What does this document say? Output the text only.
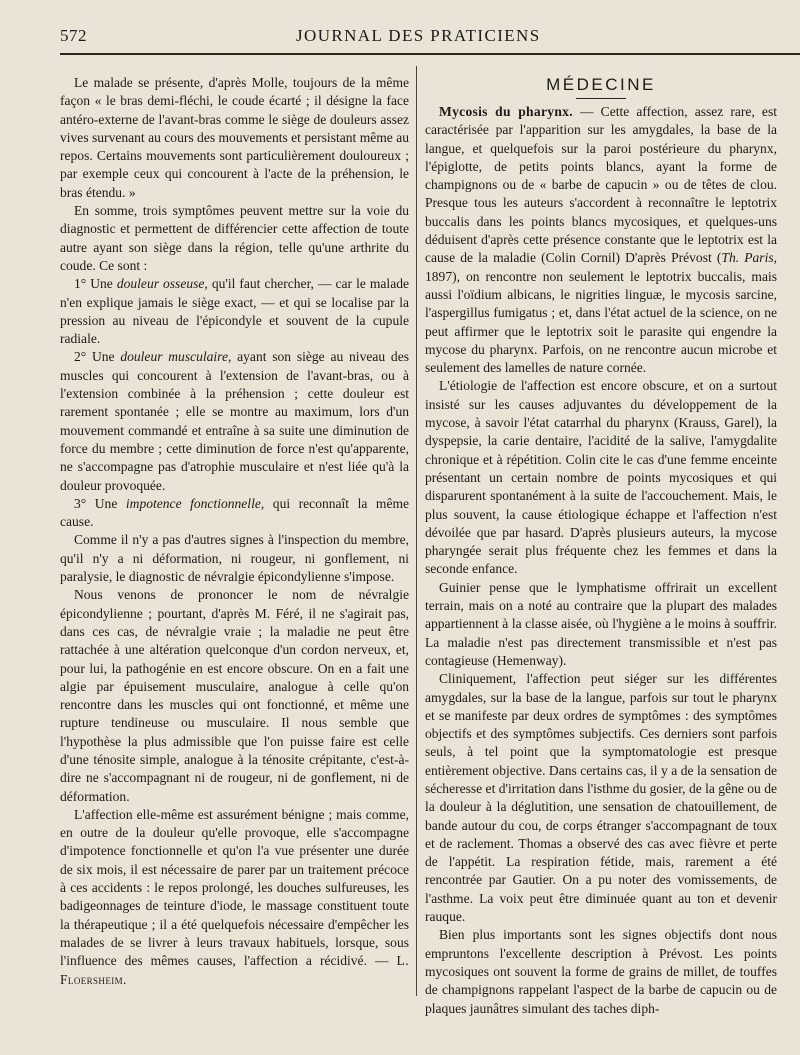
572	JOURNAL DES PRATICIENS

Le malade se présente, d'après Molle, toujours de la même façon « le bras demi-fléchi, le coude écarté ; il désigne la face antéro-externe de l'avant-bras comme le siège de douleurs assez vives survenant au cours des mouvements et persistant même au repos. Certains mouvements sont particulièrement douloureux ; par exemple ceux qui concourent à l'acte de la préhension, le bras étendu. »

En somme, trois symptômes peuvent mettre sur la voie du diagnostic et permettent de différencier cette affection de toute autre ayant son siège dans la région, telle qu'une arthrite du coude. Ce sont :

1° Une douleur osseuse, qu'il faut chercher, — car le malade n'en explique jamais le siège exact, — et qui se localise par la pression au niveau de l'épicondyle et souvent de la cupule radiale.

2° Une douleur musculaire, ayant son siège au niveau des muscles qui concourent à l'extension de l'avant-bras, ou à l'extension combinée à la préhension ; cette douleur est rarement spontanée ; elle se montre au maximum, lors d'un mouvement commandé et entraîne à sa suite une diminution de force du membre ; cette diminution de force n'est qu'apparente, ne s'accompagne pas d'atrophie musculaire et n'est liée qu'à la douleur provoquée.

3° Une impotence fonctionnelle, qui reconnaît la même cause.

Comme il n'y a pas d'autres signes à l'inspection du membre, qu'il n'y a ni déformation, ni rougeur, ni gonflement, ni paralysie, le diagnostic de névralgie épicondylienne s'impose.

Nous venons de prononcer le nom de névralgie épicondylienne ; pourtant, d'après M. Féré, il ne s'agirait pas, dans ces cas, de névralgie vraie ; la maladie ne peut être rattachée à une altération quelconque d'un cordon nerveux, et, pour lui, la pathogénie en est encore obscure. On en a fait une algie par épuisement musculaire, analogue à celle qu'on rencontre dans les muscles qui ont fonctionné, et même une rupture tendineuse ou musculaire. Il nous semble que l'hypothèse la plus admissible que l'on puisse faire est celle d'une ténosite simple, analogue à la ténosite crépitante, c'est-à-dire ne s'accompagnant ni de rougeur, ni de gonflement, ni de déformation.

L'affection elle-même est assurément bénigne ; mais comme, en outre de la douleur qu'elle provoque, elle s'accompagne d'impotence fonctionnelle et qu'on l'a vue présenter une durée de six mois, il est nécessaire de parer par un traitement précoce à ces accidents : le repos prolongé, les douches sulfureuses, les badigeonnages de teinture d'iode, le massage constituent toute la thérapeutique ; il a été quelquefois nécessaire d'empêcher les malades de se livrer à leurs travaux habituels, lorsque, sous l'influence des mêmes causes, l'affection a récidivé. — L. Floersheim.

MÉDECINE

Mycosis du pharynx. — Cette affection, assez rare, est caractérisée par l'apparition sur les amygdales, la base de la langue, et quelquefois sur la paroi postérieure du pharynx, l'épiglotte, de petits points blancs, ayant la forme de champignons ou de « barbe de capucin » ou de têtes de clou. Presque tous les auteurs s'accordent à reconnaître le leptotrix buccalis dans les points blancs mycosiques, et quelques-uns déduisent d'après cette présence constante que le leptotrix est la cause de la maladie (Colin Cornil) D'après Prévost (Th. Paris, 1897), on rencontre non seulement le leptotrix buccalis, mais aussi l'oïdium albicans, le nigrities linguæ, le mycosis sarcine, l'aspergillus fumigatus ; et, dans l'état actuel de la science, on ne peut affirmer que le leptotrix soit le parasite qui engendre la mycose du pharynx. Parfois, on ne rencontre aucun microbe et seulement des lamelles de nature cornée.

L'étiologie de l'affection est encore obscure, et on a surtout insisté sur les causes adjuvantes du développement de la mycose, à savoir l'état catarrhal du pharynx (Krauss, Garel), la dyspepsie, la carie dentaire, l'acidité de la salive, l'amygdalite chronique et à répétition. Colin cite le cas d'une femme enceinte présentant un certain nombre de points mycosiques et qui disparurent spontanément à la suite de l'accouchement. Mais, le plus souvent, la cause étiologique échappe et l'affection n'est dévoilée que par hasard. D'après plusieurs auteurs, la mycose pharyngée serait plus fréquente chez les femmes et dans la seconde enfance.

Guinier pense que le lymphatisme offrirait un excellent terrain, mais on a noté au contraire que la plupart des malades appartiennent à la classe aisée, où l'hygiène a le moins à souffrir. La maladie n'est pas directement transmissible et n'est pas contagieuse (Hemenway).

Cliniquement, l'affection peut siéger sur les différentes amygdales, sur la base de la langue, parfois sur tout le pharynx et se manifeste par deux ordres de symptômes : des symptômes objectifs et des symptômes subjectifs. Ces derniers sont parfois seuls, à tel point que la symptomatologie est presque entièrement objective. Dans certains cas, il y a de la sensation de sécheresse et d'irritation dans l'isthme du gosier, de la gêne ou de la douleur à la déglutition, une sensation de chatouillement, de bande autour du cou, de corps étranger s'accompagnant de toux et de raclement. Thomas a observé des cas avec fièvre et perte de l'appétit. La respiration fétide, mais, rarement a été rencontrée par Gautier. On a pu noter des vomissements, de l'asthme. La voix peut être diminuée quant au ton et devenir rauque.

Bien plus importants sont les signes objectifs dont nous empruntons l'excellente description à Prévost. Les points mycosiques ont souvent la forme de grains de millet, de touffes de champignons rappelant l'aspect de la barbe de capucin ou de plaques jaunâtres simulant des taches diph-
